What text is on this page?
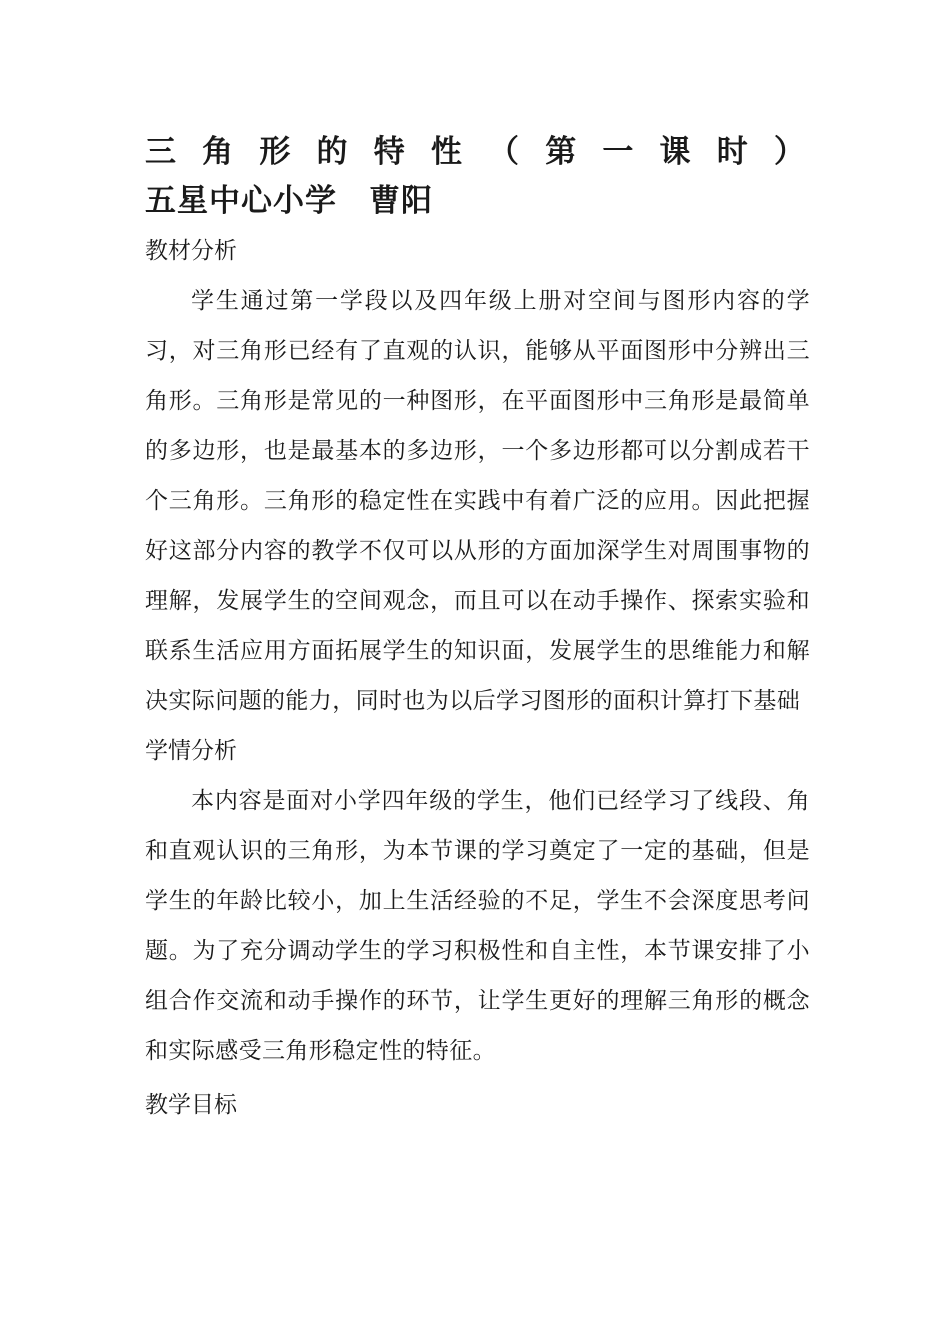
三 角 形 的 特 性 （ 第 一 课 时 ）
五星中心小学　曹阳
教材分析

学生通过第一学段以及四年级上册对空间与图形内容的学习，对三角形已经有了直观的认识，能够从平面图形中分辨出三角形。三角形是常见的一种图形，在平面图形中三角形是最简单的多边形，也是最基本的多边形，一个多边形都可以分割成若干个三角形。三角形的稳定性在实践中有着广泛的应用。因此把握好这部分内容的教学不仅可以从形的方面加深学生对周围事物的理解，发展学生的空间观念，而且可以在动手操作、探索实验和联系生活应用方面拓展学生的知识面，发展学生的思维能力和解决实际问题的能力，同时也为以后学习图形的面积计算打下基础

学情分析

本内容是面对小学四年级的学生，他们已经学习了线段、角和直观认识的三角形，为本节课的学习奠定了一定的基础，但是学生的年龄比较小，加上生活经验的不足，学生不会深度思考问题。为了充分调动学生的学习积极性和自主性，本节课安排了小组合作交流和动手操作的环节，让学生更好的理解三角形的概念和实际感受三角形稳定性的特征。

教学目标
